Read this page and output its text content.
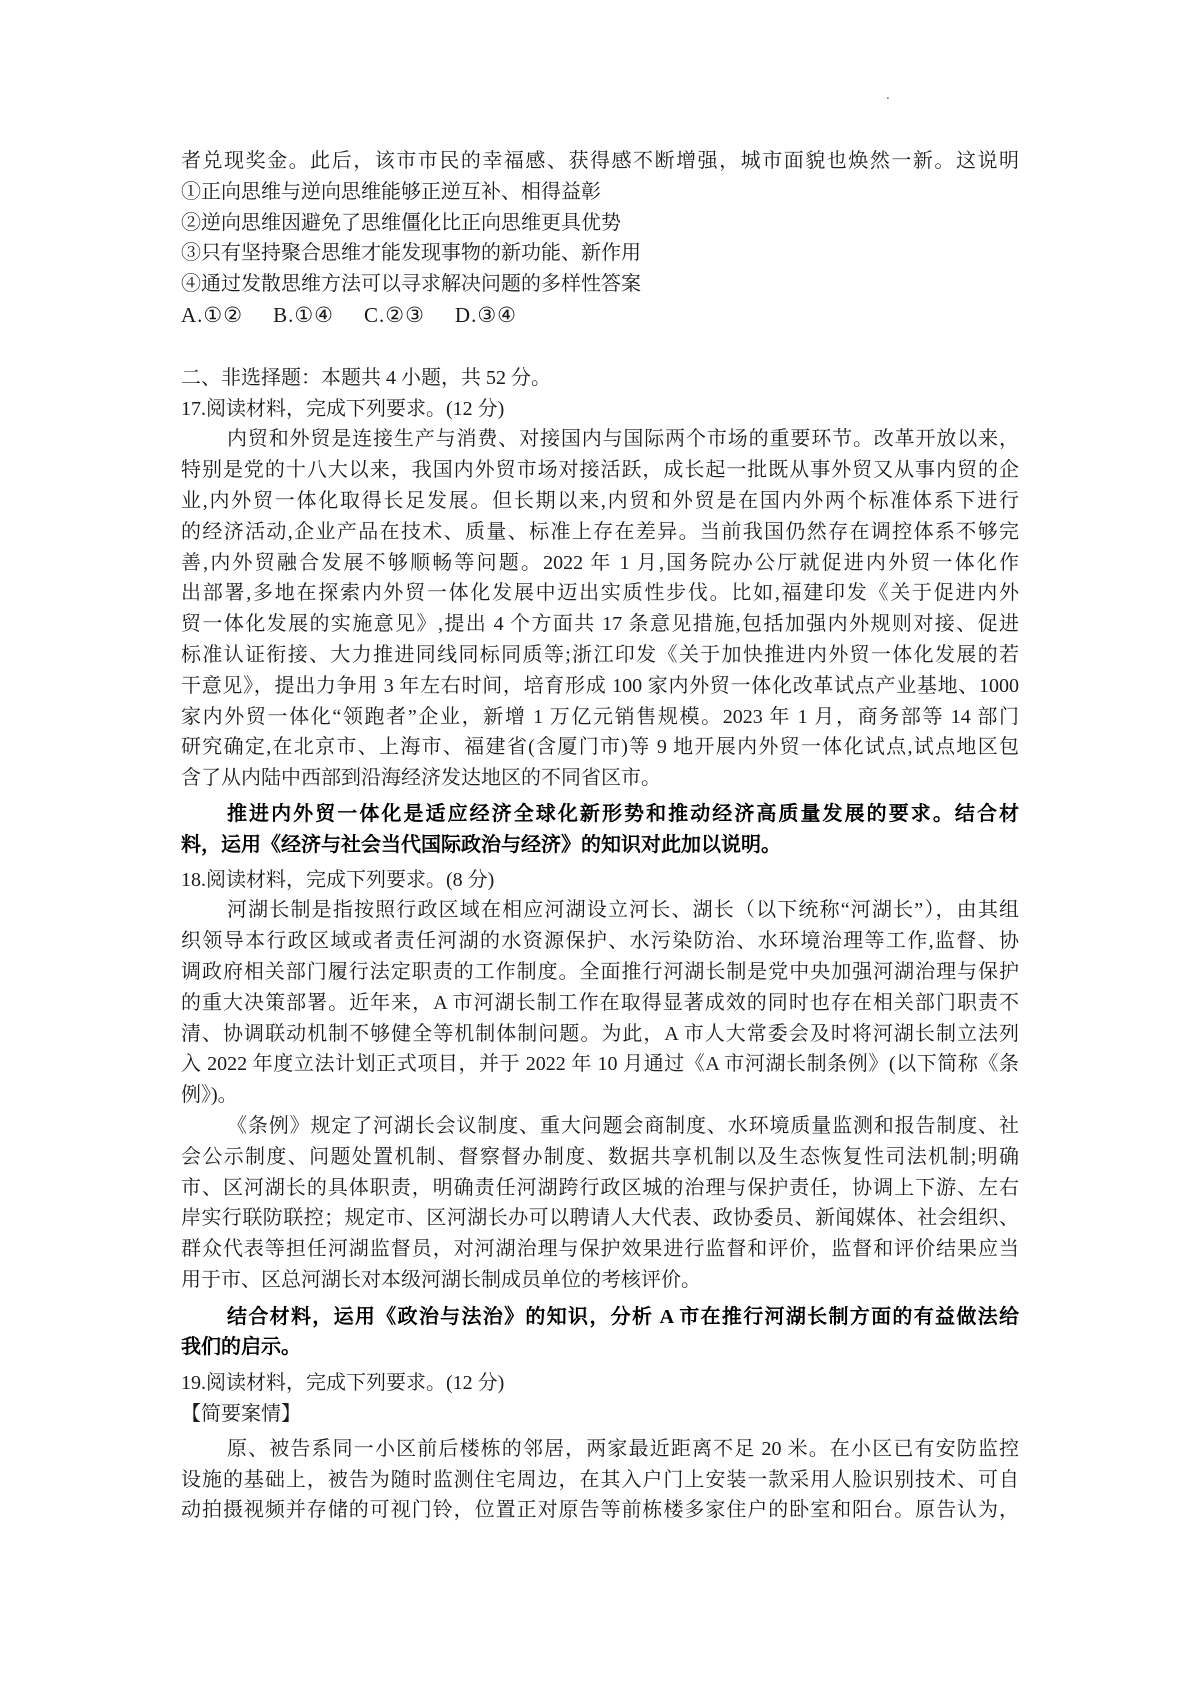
.
者兑现奖金。此后，该市市民的幸福感、获得感不断增强，城市面貌也焕然一新。这说明
①正向思维与逆向思维能够正逆互补、相得益彰
②逆向思维因避免了思维僵化比正向思维更具优势
③只有坚持聚合思维才能发现事物的新功能、新作用
④通过发散思维方法可以寻求解决问题的多样性答案
A.①② B.①④ C.②③ D.③④
二、非选择题：本题共 4 小题，共 52 分。
17.阅读材料，完成下列要求。(12 分)
内贸和外贸是连接生产与消费、对接国内与国际两个市场的重要环节。改革开放以来，
特别是党的十八大以来，我国内外贸市场对接活跃，成长起一批既从事外贸又从事内贸的企
业,内外贸一体化取得长足发展。但长期以来,内贸和外贸是在国内外两个标准体系下进行
的经济活动,企业产品在技术、质量、标准上存在差异。当前我国仍然存在调控体系不够完
善,内外贸融合发展不够顺畅等问题。2022 年 1 月,国务院办公厅就促进内外贸一体化作
出部署,多地在探索内外贸一体化发展中迈出实质性步伐。比如,福建印发《关于促进内外
贸一体化发展的实施意见》,提出 4 个方面共 17 条意见措施,包括加强内外规则对接、促进
标准认证衔接、大力推进同线同标同质等;浙江印发《关于加快推进内外贸一体化发展的若
干意见》，提出力争用 3 年左右时间，培育形成 100 家内外贸一体化改革试点产业基地、1000
家内外贸一体化“领跑者”企业，新增 1 万亿元销售规模。2023 年 1 月，商务部等 14 部门
研究确定,在北京市、上海市、福建省(含厦门市)等 9 地开展内外贸一体化试点,试点地区包
含了从内陆中西部到沿海经济发达地区的不同省区市。
推进内外贸一体化是适应经济全球化新形势和推动经济高质量发展的要求。结合材
料，运用《经济与社会当代国际政治与经济》的知识对此加以说明。
18.阅读材料，完成下列要求。(8 分)
河湖长制是指按照行政区域在相应河湖设立河长、湖长（以下统称“河湖长”），由其组
织领导本行政区域或者责任河湖的水资源保护、水污染防治、水环境治理等工作,监督、协
调政府相关部门履行法定职责的工作制度。全面推行河湖长制是党中央加强河湖治理与保护
的重大决策部署。近年来，A 市河湖长制工作在取得显著成效的同时也存在相关部门职责不
清、协调联动机制不够健全等机制体制问题。为此，A 市人大常委会及时将河湖长制立法列
入 2022 年度立法计划正式项目，并于 2022 年 10 月通过《A 市河湖长制条例》(以下简称《条
例》)。
《条例》规定了河湖长会议制度、重大问题会商制度、水环境质量监测和报告制度、社
会公示制度、问题处置机制、督察督办制度、数据共享机制以及生态恢复性司法机制;明确
市、区河湖长的具体职责，明确责任河湖跨行政区城的治理与保护责任，协调上下游、左右
岸实行联防联控；规定市、区河湖长办可以聘请人大代表、政协委员、新闻媒体、社会组织、
群众代表等担任河湖监督员，对河湖治理与保护效果进行监督和评价，监督和评价结果应当
用于市、区总河湖长对本级河湖长制成员单位的考核评价。
结合材料，运用《政治与法治》的知识，分析 A 市在推行河湖长制方面的有益做法给
我们的启示。
19.阅读材料，完成下列要求。(12 分)
【简要案情】
原、被告系同一小区前后楼栋的邻居，两家最近距离不足 20 米。在小区已有安防监控
设施的基础上，被告为随时监测住宅周边，在其入户门上安装一款采用人脸识别技术、可自
动拍摄视频并存储的可视门铃，位置正对原告等前栋楼多家住户的卧室和阳台。原告认为，
